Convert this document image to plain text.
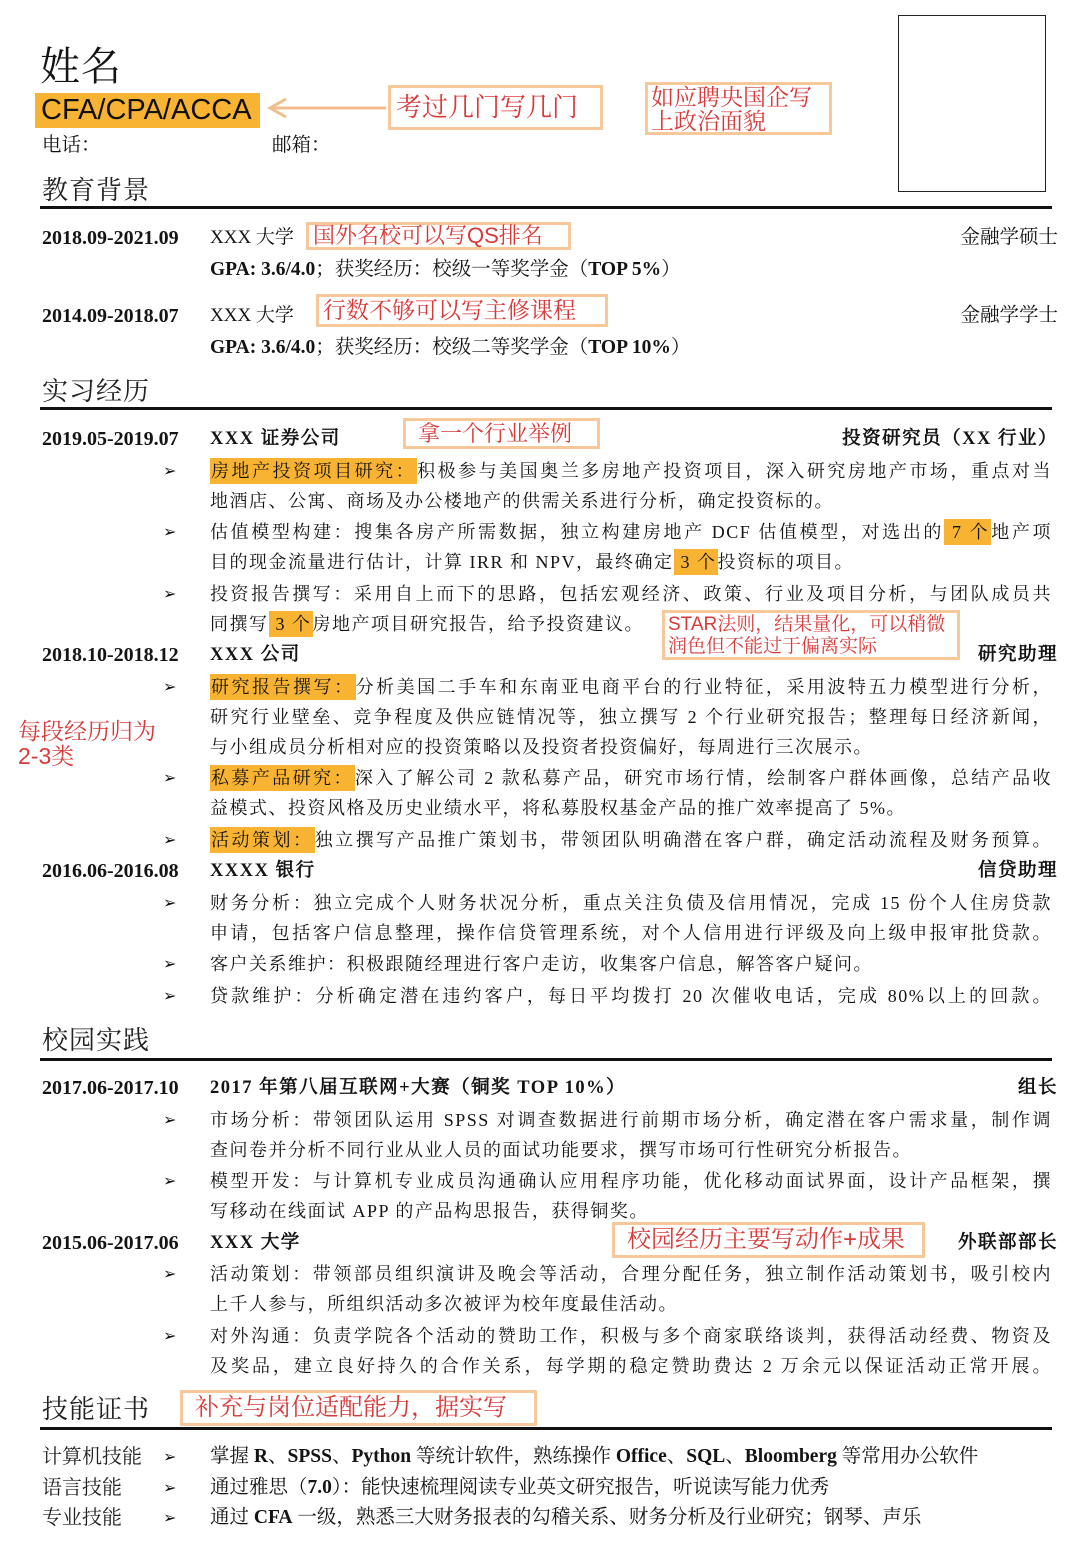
姓名
CFA/CPA/ACCA
电话：	邮箱：
考过几门写几门	如应聘央国企写
上政治面貌
国外名校可以写QS排名
行数不够可以写主修课程
拿一个行业举例
STAR法则，结果量化，可以稍微
润色但不能过于偏离实际
每段经历归为
2-3类
校园经历主要写动作+成果
补充与岗位适配能力，据实写
教育背景
2018.09-2021.09 XXX 大学	金融学硕士
GPA: 3.6/4.0；获奖经历：校级一等奖学金（TOP 5%）
2014.09-2018.07 XXX 大学	金融学学士
GPA: 3.6/4.0；获奖经历：校级二等奖学金（TOP 10%）
实习经历
2019.05-2019.07 XXX 证券公司	投资研究员（XX 行业）
➢
房地产投资项目研究：积极参与美国奥兰多房地产投资项目，深入研究房地产市场，重点对当
地酒店、公寓、商场及办公楼地产的供需关系进行分析，确定投资标的。
➢
估值模型构建：搜集各房产所需数据，独立构建房地产 DCF 估值模型，对选出的 7 个地产项
目的现金流量进行估计，计算 IRR 和 NPV，最终确定 3 个投资标的项目。
➢
投资报告撰写：采用自上而下的思路，包括宏观经济、政策、行业及项目分析，与团队成员共
同撰写 3 个房地产项目研究报告，给予投资建议。
2018.10-2018.12 XXX 公司	研究助理
➢
研究报告撰写：分析美国二手车和东南亚电商平台的行业特征，采用波特五力模型进行分析，
研究行业壁垒、竞争程度及供应链情况等，独立撰写 2 个行业研究报告；整理每日经济新闻，
与小组成员分析相对应的投资策略以及投资者投资偏好，每周进行三次展示。
➢
私募产品研究：深入了解公司 2 款私募产品，研究市场行情，绘制客户群体画像，总结产品收
益模式、投资风格及历史业绩水平，将私募股权基金产品的推广效率提高了 5%。
➢
活动策划：独立撰写产品推广策划书，带领团队明确潜在客户群，确定活动流程及财务预算。
2016.06-2016.08 XXXX 银行	信贷助理
➢
财务分析：独立完成个人财务状况分析，重点关注负债及信用情况，完成 15 份个人住房贷款
申请，包括客户信息整理，操作信贷管理系统，对个人信用进行评级及向上级申报审批贷款。
➢
客户关系维护：积极跟随经理进行客户走访，收集客户信息，解答客户疑问。
➢
贷款维护：分析确定潜在违约客户，每日平均拨打 20 次催收电话，完成 80%以上的回款。
校园实践
2017.06-2017.10 2017 年第八届互联网+大赛（铜奖 TOP 10%）	组长
➢
市场分析：带领团队运用 SPSS 对调查数据进行前期市场分析，确定潜在客户需求量，制作调
查问卷并分析不同行业从业人员的面试功能要求，撰写市场可行性研究分析报告。
➢
模型开发：与计算机专业成员沟通确认应用程序功能，优化移动面试界面，设计产品框架，撰
写移动在线面试 APP 的产品构思报告，获得铜奖。
2015.06-2017.06 XXX 大学	外联部部长
➢
活动策划：带领部员组织演讲及晚会等活动，合理分配任务，独立制作活动策划书，吸引校内
上千人参与，所组织活动多次被评为校年度最佳活动。
➢
对外沟通：负责学院各个活动的赞助工作，积极与多个商家联络谈判，获得活动经费、物资及
及奖品，建立良好持久的合作关系，每学期的稳定赞助费达 2 万余元以保证活动正常开展。
技能证书
计算机技能 ➢	掌握 R、SPSS、Python 等统计软件，熟练操作 Office、SQL、Bloomberg 等常用办公软件
语言技能 ➢	通过雅思（7.0）：能快速梳理阅读专业英文研究报告，听说读写能力优秀
专业技能 ➢	通过 CFA 一级，熟悉三大财务报表的勾稽关系、财务分析及行业研究；钢琴、声乐
